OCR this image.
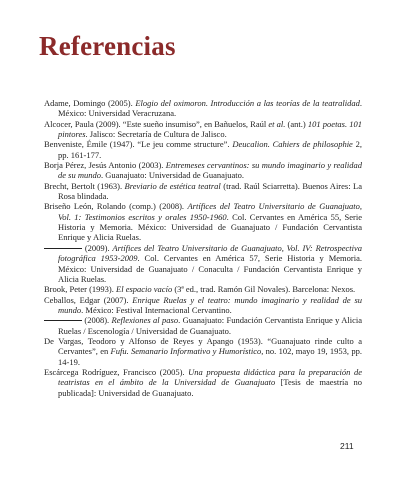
Referencias

Adame, Domingo (2005). Elogio del oximoron. Introducción a las teorías de la teatralidad. México: Universidad Veracruzana.

Alcocer, Paula (2009). “Este sueño insumiso”, en Bañuelos, Raúl et al. (ant.) 101 poetas. 101 pintores. Jalisco: Secretaría de Cultura de Jalisco.

Benveniste, Émile (1947). “Le jeu comme structure”. Deucalion. Cahiers de philosophie 2, pp. 161-177.

Borja Pérez, Jesús Antonio (2003). Entremeses cervantinos: su mundo imaginario y realidad de su mundo. Guanajuato: Universidad de Guanajuato.

Brecht, Bertolt (1963). Breviario de estética teatral (trad. Raúl Sciarretta). Buenos Aires: La Rosa blindada.

Briseño León, Rolando (comp.) (2008). Artífices del Teatro Universitario de Guanajuato, Vol. 1: Testimonios escritos y orales 1950-1960. Col. Cervantes en América 55, Serie Historia y Memoria. México: Universidad de Guanajuato / Fundación Cervantista Enrique y Alicia Ruelas.

(2009). Artífices del Teatro Universitario de Guanajuato, Vol. IV: Retrospectiva fotográfica 1953-2009. Col. Cervantes en América 57, Serie Historia y Memoria. México: Universidad de Guanajuato / Conaculta / Fundación Cervantista Enrique y Alicia Ruelas.

Brook, Peter (1993). El espacio vacío (3ª ed., trad. Ramón Gil Novales). Barcelona: Nexos.

Ceballos, Edgar (2007). Enrique Ruelas y el teatro: mundo imaginario y realidad de su mundo. México: Festival Internacional Cervantino.

(2008). Reflexiones al paso. Guanajuato: Fundación Cervantista Enrique y Alicia Ruelas / Escenología / Universidad de Guanajuato.

De Vargas, Teodoro y Alfonso de Reyes y Apango (1953). “Guanajuato rinde culto a Cervantes”, en Fufu. Semanario Informativo y Humorístico, no. 102, mayo 19, 1953, pp. 14-19.

Escárcega Rodríguez, Francisco (2005). Una propuesta didáctica para la preparación de teatristas en el ámbito de la Universidad de Guanajuato [Tesis de maestría no publicada]: Universidad de Guanajuato.

211
